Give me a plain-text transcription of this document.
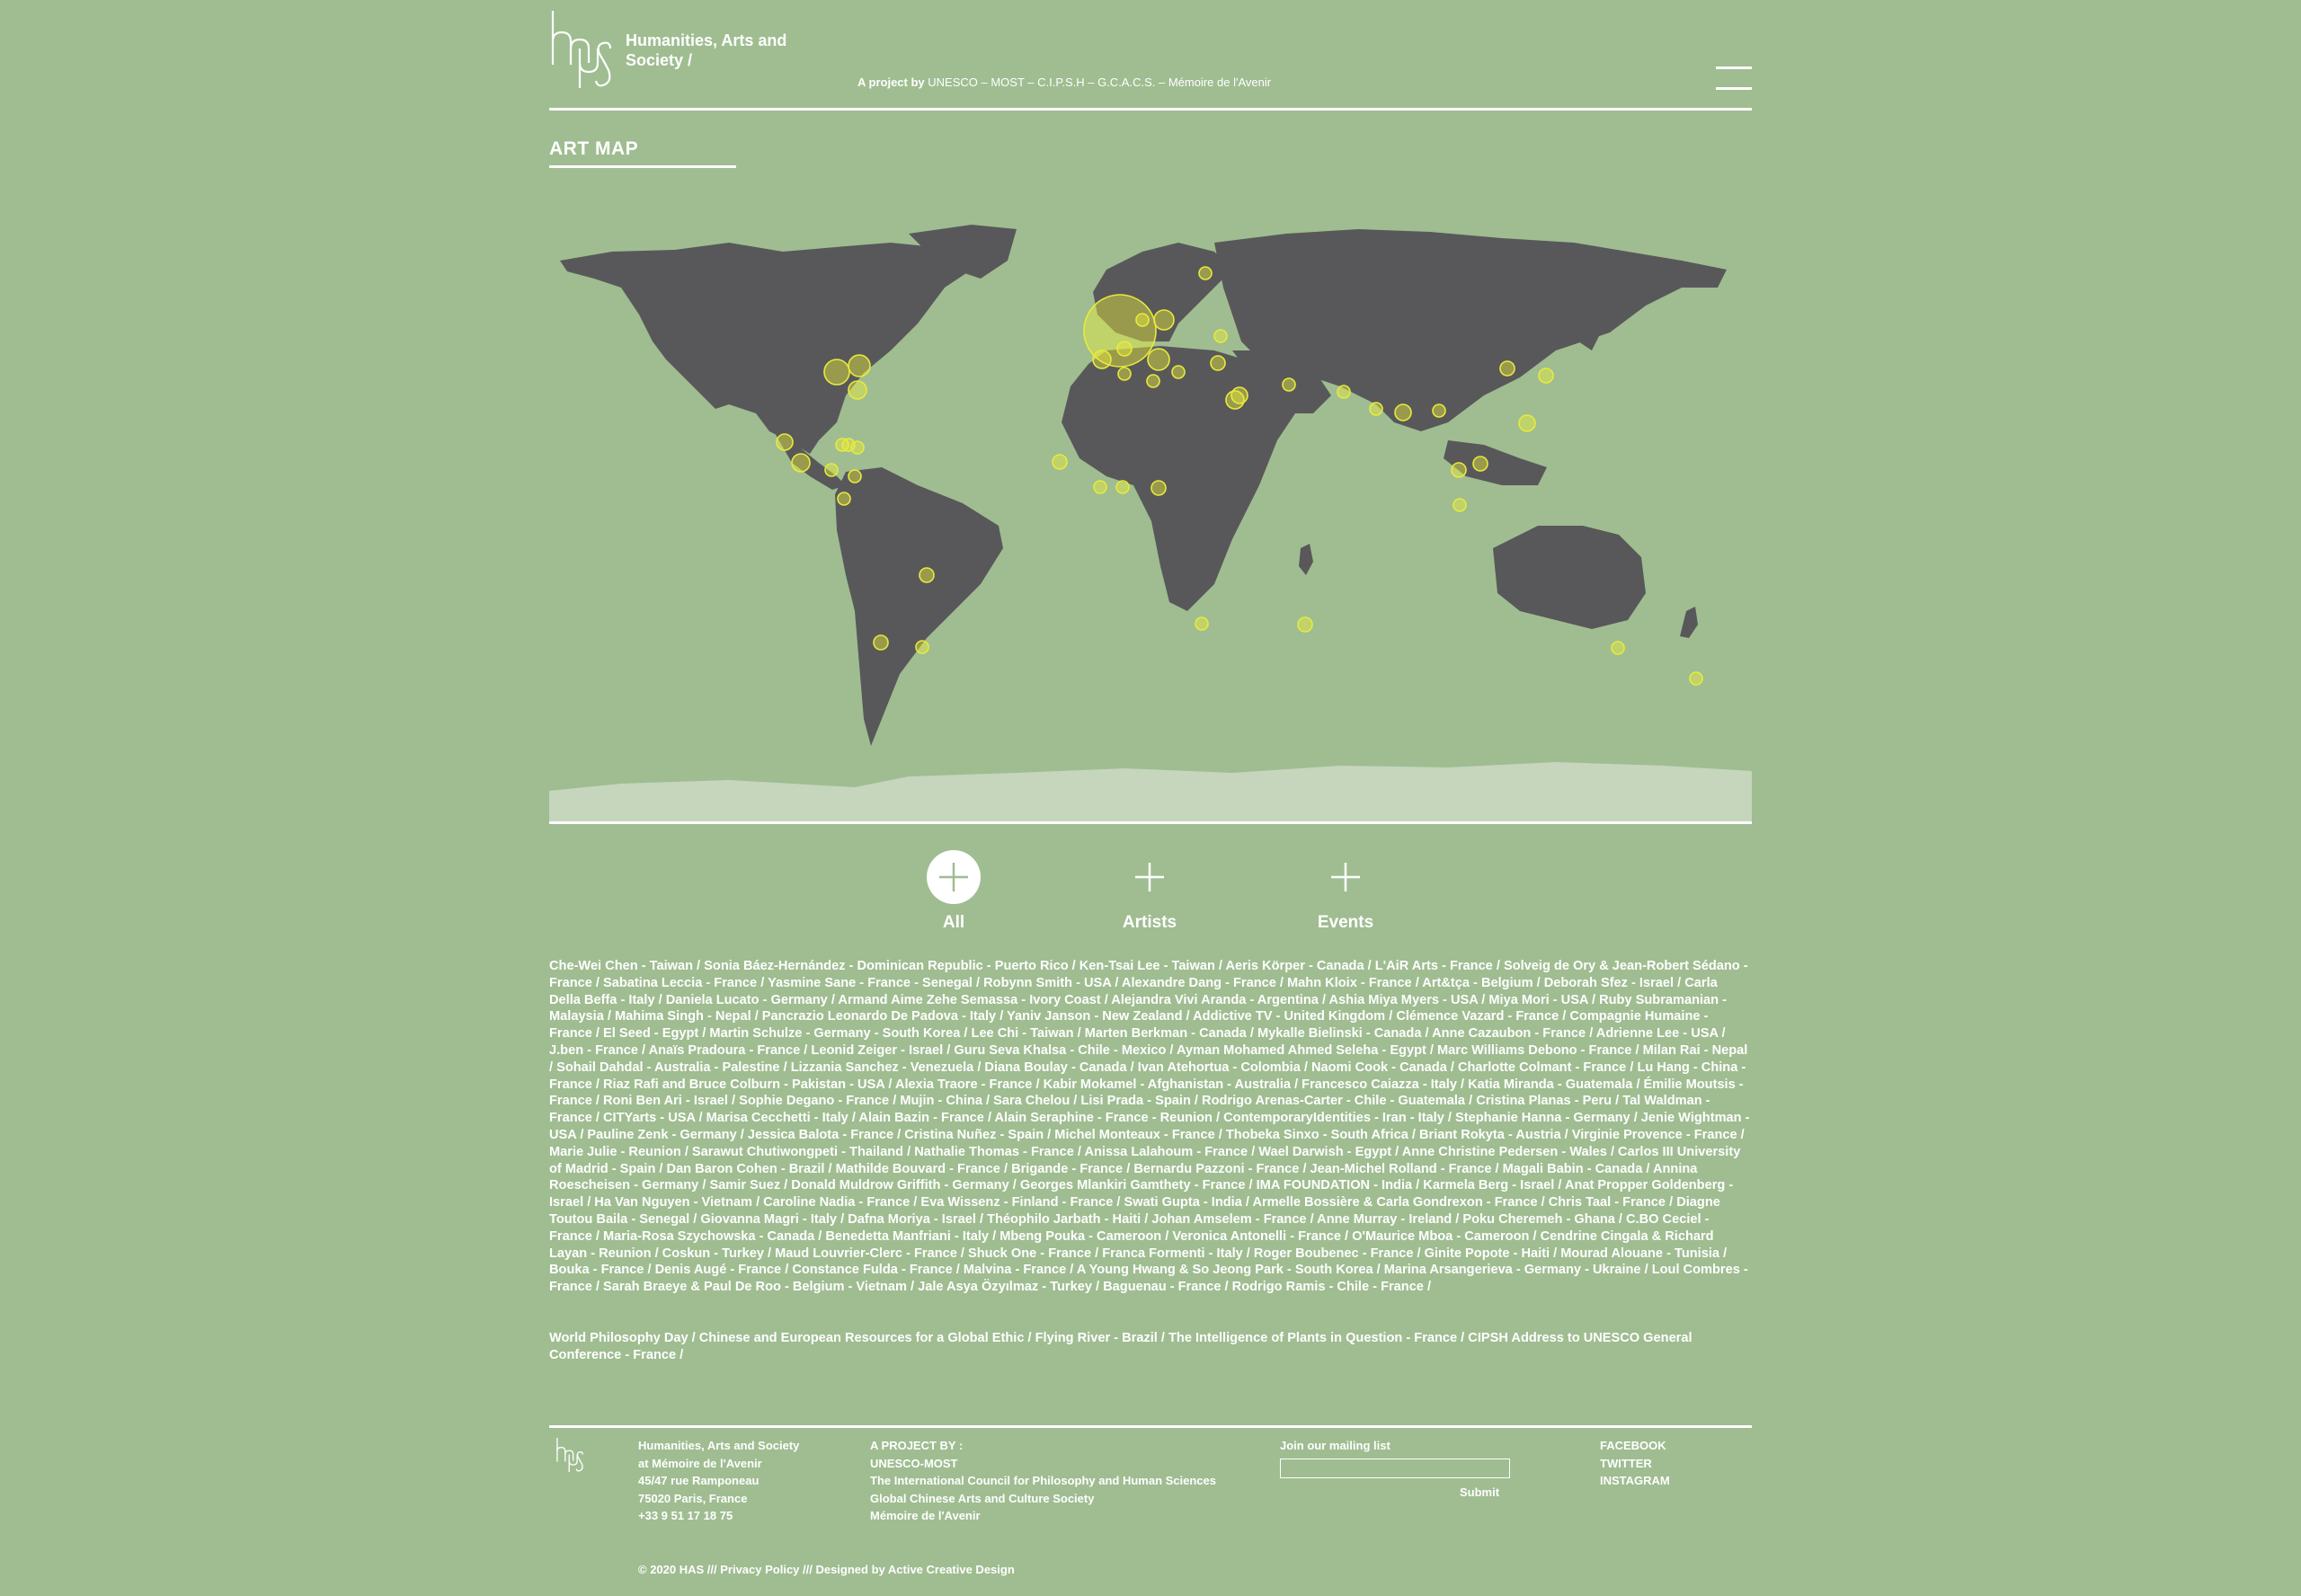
Humanities, Arts and Society /
A project by UNESCO – MOST – C.I.P.S.H – G.C.A.C.S. – Mémoire de l'Avenir
ART MAP
All	Artists	Events
Che-Wei Chen - Taiwan / Sonia Báez-Hernández - Dominican Republic - Puerto Rico / Ken-Tsai Lee - Taiwan / Aeris Körper - Canada / L'AiR Arts - France / Solveig de Ory & Jean-Robert Sédano - France / Sabatina Leccia - France / Yasmine Sane - France - Senegal / Robynn Smith - USA / Alexandre Dang - France / Mahn Kloix - France / Art&tça - Belgium / Deborah Sfez - Israel / Carla Della Beffa - Italy / Daniela Lucato - Germany / Armand Aime Zehe Semassa - Ivory Coast / Alejandra Vivi Aranda - Argentina / Ashia Miya Myers - USA / Miya Mori - USA / Ruby Subramanian - Malaysia / Mahima Singh - Nepal / Pancrazio Leonardo De Padova - Italy / Yaniv Janson - New Zealand / Addictive TV - United Kingdom / Clémence Vazard - France / Compagnie Humaine - France / El Seed - Egypt / Martin Schulze - Germany - South Korea / Lee Chi - Taiwan / Marten Berkman - Canada / Mykalle Bielinski - Canada / Anne Cazaubon - France / Adrienne Lee - USA / J.ben - France / Anaïs Pradoura - France / Leonid Zeiger - Israel / Guru Seva Khalsa - Chile - Mexico / Ayman Mohamed Ahmed Seleha - Egypt / Marc Williams Debono - France / Milan Rai - Nepal / Sohail Dahdal - Australia - Palestine / Lizzania Sanchez - Venezuela / Diana Boulay - Canada / Ivan Atehortua - Colombia / Naomi Cook - Canada / Charlotte Colmant - France / Lu Hang - China - France / Riaz Rafi and Bruce Colburn - Pakistan - USA / Alexia Traore - France / Kabir Mokamel - Afghanistan - Australia / Francesco Caiazza - Italy / Katia Miranda - Guatemala / Émilie Moutsis - France / Roni Ben Ari - Israel / Sophie Degano - France / Mujin - China / Sara Chelou / Lisi Prada - Spain / Rodrigo Arenas-Carter - Chile - Guatemala / Cristina Planas - Peru / Tal Waldman - France / CITYarts - USA / Marisa Cecchetti - Italy / Alain Bazin - France / Alain Seraphine - France - Reunion / ContemporaryIdentities - Iran - Italy / Stephanie Hanna - Germany / Jenie Wightman - USA / Pauline Zenk - Germany / Jessica Balota - France / Cristina Nuñez - Spain / Michel Monteaux - France / Thobeka Sinxo - South Africa / Briant Rokyta - Austria / Virginie Provence - France / Marie Julie - Reunion / Sarawut Chutiwongpeti - Thailand / Nathalie Thomas - France / Anissa Lalahoum - France / Wael Darwish - Egypt / Anne Christine Pedersen - Wales / Carlos III University of Madrid - Spain / Dan Baron Cohen - Brazil / Mathilde Bouvard - France / Brigande - France / Bernardu Pazzoni - France / Jean-Michel Rolland - France / Magali Babin - Canada / Annina Roescheisen - Germany / Samir Suez / Donald Muldrow Griffith - Germany / Georges Mlankiri Gamthety - France / IMA FOUNDATION - India / Karmela Berg - Israel / Anat Propper Goldenberg - Israel / Ha Van Nguyen - Vietnam / Caroline Nadia - France / Eva Wissenz - Finland - France / Swati Gupta - India / Armelle Bossière & Carla Gondrexon - France / Chris Taal - France / Diagne Toutou Baila - Senegal / Giovanna Magri - Italy / Dafna Moriya - Israel / Théophilo Jarbath - Haiti / Johan Amselem - France / Anne Murray - Ireland / Poku Cheremeh - Ghana / C.BO Ceciel - France / Maria-Rosa Szychowska - Canada / Benedetta Manfriani - Italy / Mbeng Pouka - Cameroon / Veronica Antonelli - France / O'Maurice Mboa - Cameroon / Cendrine Cingala & Richard Layan - Reunion / Coskun - Turkey / Maud Louvrier-Clerc - France / Shuck One - France / Franca Formenti - Italy / Roger Boubenec - France / Ginite Popote - Haiti / Mourad Alouane - Tunisia / Bouka - France / Denis Augé - France / Constance Fulda - France / Malvina - France / A Young Hwang & So Jeong Park - South Korea / Marina Arsangerieva - Germany - Ukraine / Loul Combres - France / Sarah Braeye & Paul De Roo - Belgium - Vietnam / Jale Asya Özyılmaz - Turkey / Baguenau - France / Rodrigo Ramis - Chile - France /
World Philosophy Day / Chinese and European Resources for a Global Ethic / Flying River - Brazil / The Intelligence of Plants in Question - France / CIPSH Address to UNESCO General Conference - France /
Humanities, Arts and Society
at Mémoire de l'Avenir
45/47 rue Ramponeau
75020 Paris, France
+33 9 51 17 18 75
A PROJECT BY :
UNESCO-MOST
The International Council for Philosophy and Human Sciences
Global Chinese Arts and Culture Society
Mémoire de l'Avenir
Join our mailing list
Submit
FACEBOOK
TWITTER
INSTAGRAM
© 2020 HAS /// Privacy Policy /// Designed by Active Creative Design
